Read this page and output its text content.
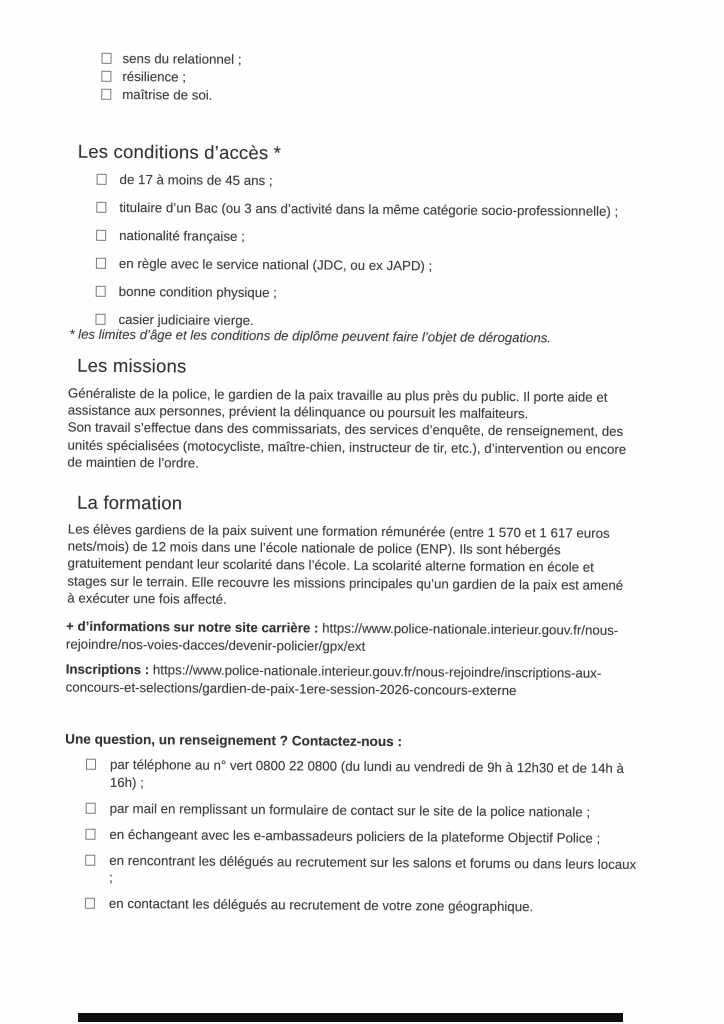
sens du relationnel ;
résilience ;
maîtrise de soi.
Les conditions d’accès *
de 17 à moins de 45 ans ;
titulaire d’un Bac (ou 3 ans d’activité dans la même catégorie socio-professionnelle) ;
nationalité française ;
en règle avec le service national (JDC, ou ex JAPD) ;
bonne condition physique ;
casier judiciaire vierge.
* les limites d’âge et les conditions de diplôme peuvent faire l’objet de dérogations.
Les missions
Généraliste de la police, le gardien de la paix travaille au plus près du public. Il porte aide et
assistance aux personnes, prévient la délinquance ou poursuit les malfaiteurs.
Son travail s’effectue dans des commissariats, des services d’enquête, de renseignement, des
unités spécialisées (motocycliste, maître-chien, instructeur de tir, etc.), d’intervention ou encore
de maintien de l’ordre.
La formation
Les élèves gardiens de la paix suivent une formation rémunérée (entre 1 570 et 1 617 euros
nets/mois) de 12 mois dans une l’école nationale de police (ENP). Ils sont hébergés
gratuitement pendant leur scolarité dans l’école. La scolarité alterne formation en école et
stages sur le terrain. Elle recouvre les missions principales qu’un gardien de la paix est amené
à exécuter une fois affecté.

+ d’informations sur notre site carrière : https://www.police-nationale.interieur.gouv.fr/nous-
rejoindre/nos-voies-dacces/devenir-policier/gpx/ext

Inscriptions : https://www.police-nationale.interieur.gouv.fr/nous-rejoindre/inscriptions-aux-
concours-et-selections/gardien-de-paix-1ere-session-2026-concours-externe

Une question, un renseignement ? Contactez-nous :
par téléphone au n° vert 0800 22 0800 (du lundi au vendredi de 9h à 12h30 et de 14h à
16h) ;
par mail en remplissant un formulaire de contact sur le site de la police nationale ;
en échangeant avec les e-ambassadeurs policiers de la plateforme Objectif Police ;
en rencontrant les délégués au recrutement sur les salons et forums ou dans leurs locaux
;
en contactant les délégués au recrutement de votre zone géographique.
